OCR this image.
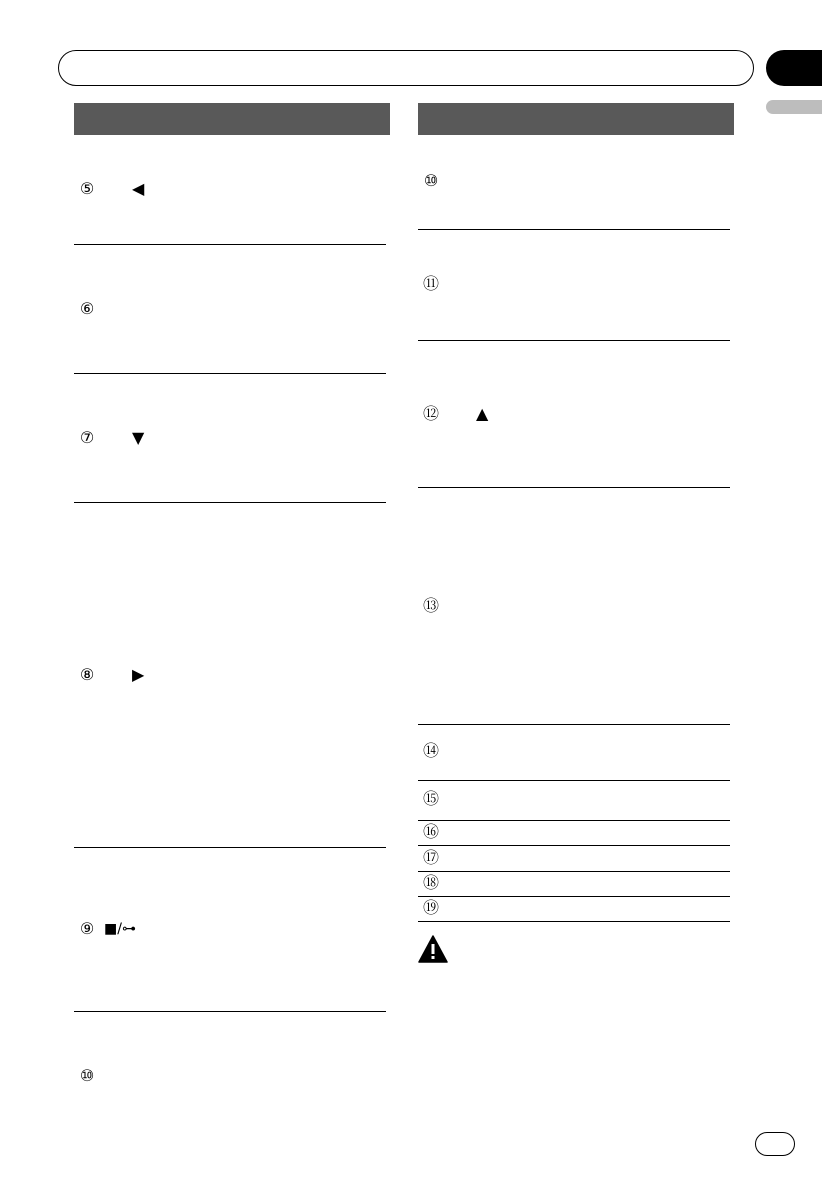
⑤ ◀
⑥
⑦ ▼
⑧ ▶
⑨ ■/⊶
⑩
⑩
⑪
⑫ ▲
⑬
⑭
⑮
⑯
⑰
⑱
⑲
